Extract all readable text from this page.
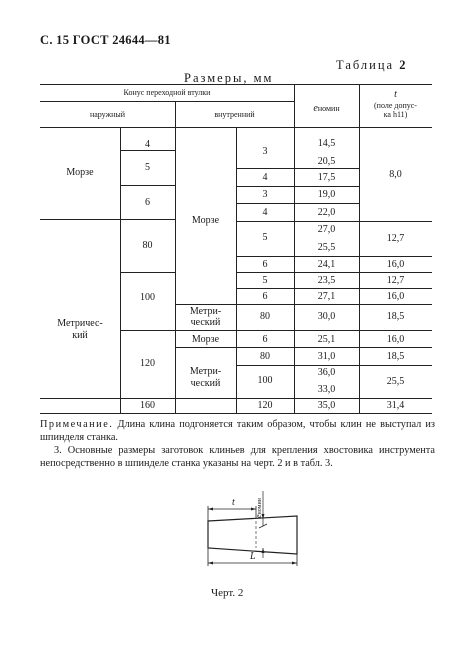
С. 15 ГОСТ 24644—81
Таблица 2
Размеры, мм
Конус переходной втулки
наружный	внутренний
eномин
t
(поле допус-
ка h11)
Морзе
Метричес-
кий
4
5
6
80
100
120
160
Морзе
Метри-
ческий
Морзе
Метри-
ческий
3
4
3
4
5
6
5
6
80
6
80
100
120
14,5
20,5
17,5
19,0
22,0
27,0
25,5
24,1
23,5
27,1
30,0
25,1
31,0
36,0
33,0
35,0
8,0
12,7
16,0
12,7
16,0
18,5
16,0
18,5
25,5
31,4
Примечание. Длина клина подгоняется таким образом, чтобы клин не выступал из шпинделя станка.
3. Основные размеры заготовок клиньев для крепления хвостовика инструмента непосредственно в шпинделе станка указаны на черт. 2 и в табл. 3.
t
L
eномин
Черт. 2
